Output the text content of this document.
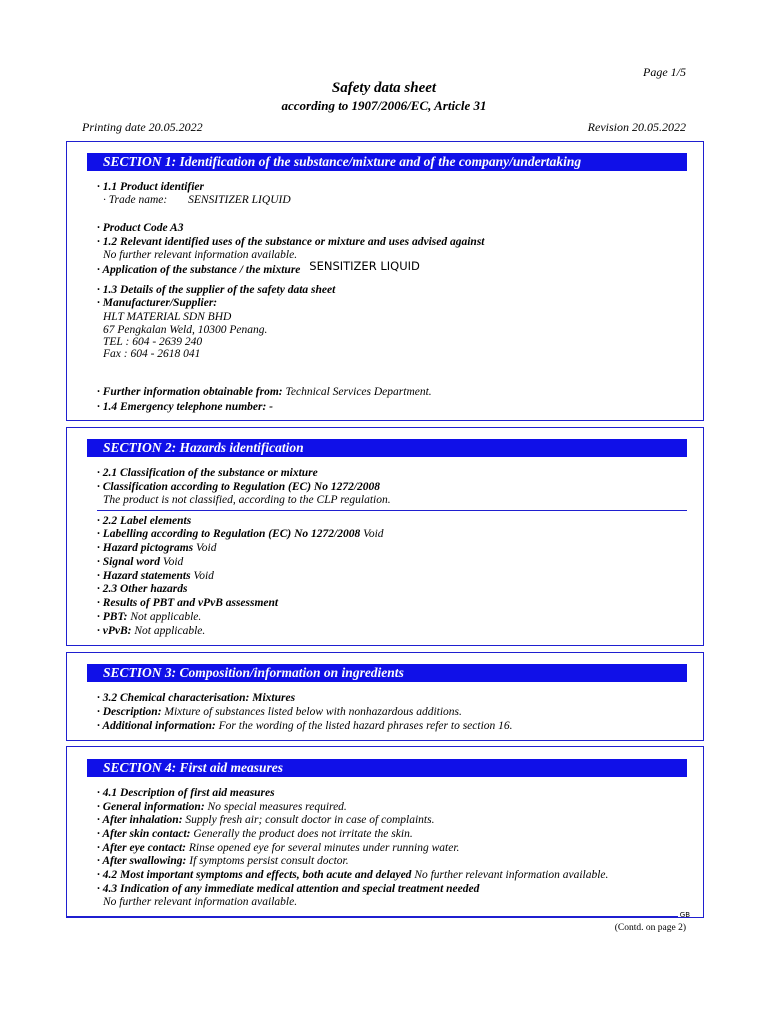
Page 1/5
Safety data sheet
according to 1907/2006/EC, Article 31
Printing date 20.05.2022	Revision 20.05.2022
SECTION 1: Identification of the substance/mixture and of the company/undertaking
· 1.1 Product identifier
· Trade name: SENSITIZER LIQUID
· Product Code A3
· 1.2 Relevant identified uses of the substance or mixture and uses advised against
No further relevant information available.
· Application of the substance / the mixture SENSITIZER LIQUID
· 1.3 Details of the supplier of the safety data sheet
· Manufacturer/Supplier:
HLT MATERIAL SDN BHD
67 Pengkalan Weld, 10300 Penang.
TEL : 604 - 2639 240
Fax : 604 - 2618 041
· Further information obtainable from: Technical Services Department.
· 1.4 Emergency telephone number: -
SECTION 2: Hazards identification
· 2.1 Classification of the substance or mixture
· Classification according to Regulation (EC) No 1272/2008
The product is not classified, according to the CLP regulation.
· 2.2 Label elements
· Labelling according to Regulation (EC) No 1272/2008 Void
· Hazard pictograms Void
· Signal word Void
· Hazard statements Void
· 2.3 Other hazards
· Results of PBT and vPvB assessment
· PBT: Not applicable.
· vPvB: Not applicable.
SECTION 3: Composition/information on ingredients
· 3.2 Chemical characterisation: Mixtures
· Description: Mixture of substances listed below with nonhazardous additions.
· Additional information: For the wording of the listed hazard phrases refer to section 16.
SECTION 4: First aid measures
· 4.1 Description of first aid measures
· General information: No special measures required.
· After inhalation: Supply fresh air; consult doctor in case of complaints.
· After skin contact: Generally the product does not irritate the skin.
· After eye contact: Rinse opened eye for several minutes under running water.
· After swallowing: If symptoms persist consult doctor.
· 4.2 Most important symptoms and effects, both acute and delayed No further relevant information available.
· 4.3 Indication of any immediate medical attention and special treatment needed
No further relevant information available.
GB
(Contd. on page 2)
